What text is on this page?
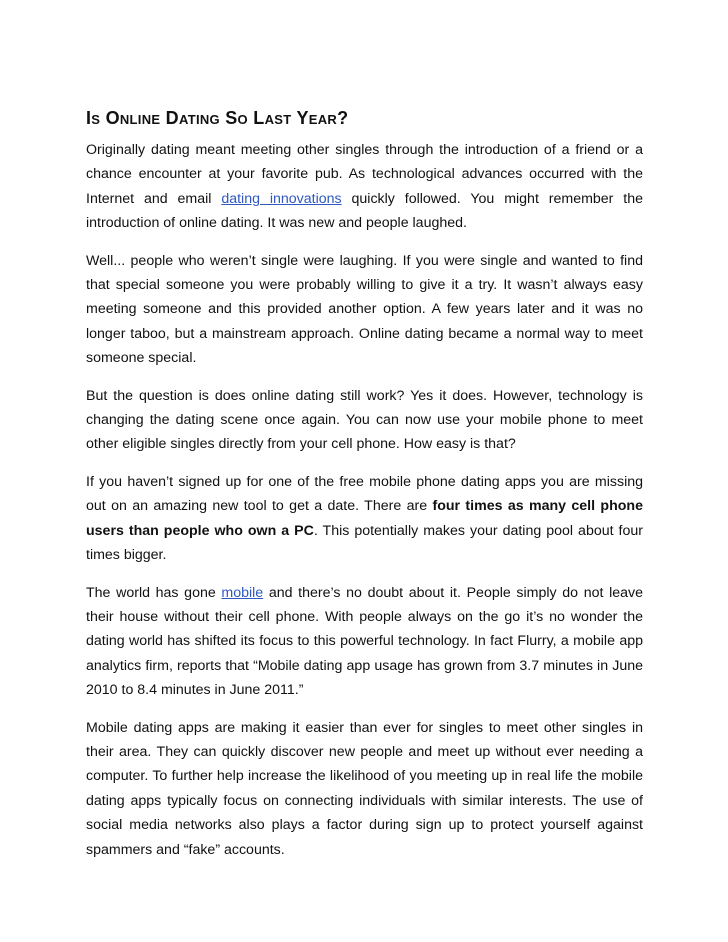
Is Online Dating So Last Year?

Originally dating meant meeting other singles through the introduction of a friend or a chance encounter at your favorite pub. As technological advances occurred with the Internet and email dating innovations quickly followed. You might remember the introduction of online dating. It was new and people laughed.

Well... people who weren’t single were laughing. If you were single and wanted to find that special someone you were probably willing to give it a try. It wasn’t always easy meeting someone and this provided another option. A few years later and it was no longer taboo, but a mainstream approach. Online dating became a normal way to meet someone special.

But the question is does online dating still work? Yes it does. However, technology is changing the dating scene once again. You can now use your mobile phone to meet other eligible singles directly from your cell phone. How easy is that?

If you haven’t signed up for one of the free mobile phone dating apps you are missing out on an amazing new tool to get a date. There are four times as many cell phone users than people who own a PC. This potentially makes your dating pool about four times bigger.

The world has gone mobile and there’s no doubt about it. People simply do not leave their house without their cell phone. With people always on the go it’s no wonder the dating world has shifted its focus to this powerful technology. In fact Flurry, a mobile app analytics firm, reports that “Mobile dating app usage has grown from 3.7 minutes in June 2010 to 8.4 minutes in June 2011.”

Mobile dating apps are making it easier than ever for singles to meet other singles in their area. They can quickly discover new people and meet up without ever needing a computer. To further help increase the likelihood of you meeting up in real life the mobile dating apps typically focus on connecting individuals with similar interests. The use of social media networks also plays a factor during sign up to protect yourself against spammers and “fake” accounts.
